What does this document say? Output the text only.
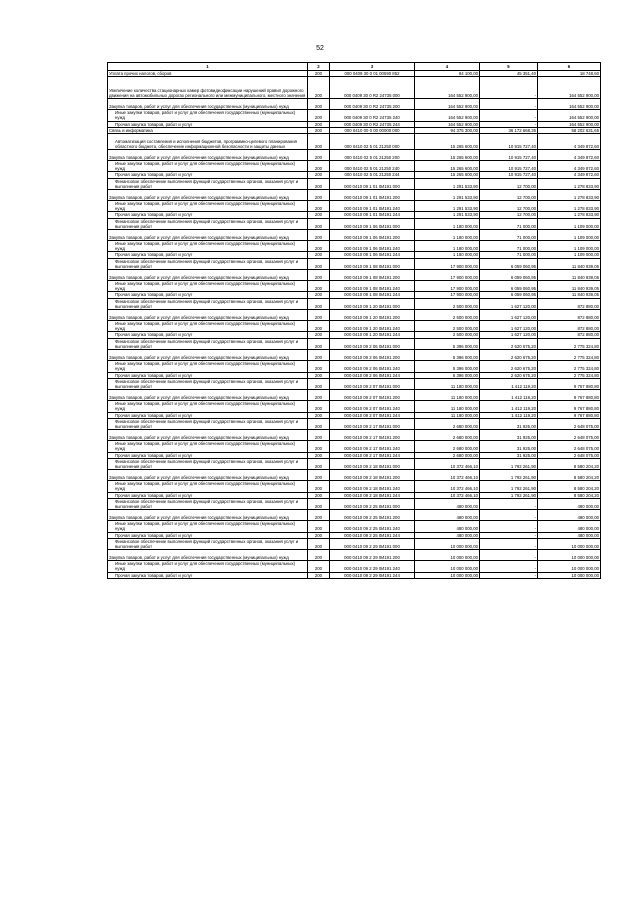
52
1	2	3	4	5	6
Уплата прочих налогов, сборов	200	000 0409 30 0 01 00590 852	84 100,00	45 351,40	18 748,60
Увеличение количества стационарных камер фотовидеофиксации нарушений правил дорожного движения на автомобильных дорогах регионального или межмуниципального, местного значения	200	000 0409 30 0 R2 24735 000	164 552 900,00	-	164 552 900,00
Закупка товаров, работ и услуг для обеспечения государственных (муниципальных) нужд	200	000 0409 30 0 R2 24735 200	164 552 900,00	-	164 552 900,00
Иные закупки товаров, работ и услуг для обеспечения государственных (муниципальных) нужд	200	000 0409 30 0 R2 24735 240	164 552 900,00	-	164 552 900,00
Прочая закупка товаров, работ и услуг	200	000 0409 30 0 R2 24735 244	164 552 900,00	-	164 552 900,00
Связь и информатика	200	000 0410 00 0 00 00000 000	94 375 300,00	36 172 668,35	58 202 631,65
Автоматизация составления и исполнения бюджетов, программно-целевого планирования областного бюджета, обеспечение информационной безопасности и защиты данных	200	000 0410 02 5 01 21250 000	15 265 600,00	10 915 727,40	4 349 872,60
Закупка товаров, работ и услуг для обеспечения государственных (муниципальных) нужд	200	000 0410 02 5 01 21250 200	15 265 600,00	10 915 727,40	4 349 872,60
Иные закупки товаров, работ и услуг для обеспечения государственных (муниципальных) нужд	200	000 0410 02 5 01 21250 240	15 265 600,00	10 915 727,40	4 349 872,60
Прочая закупка товаров, работ и услуг	200	000 0410 02 5 01 21250 244	15 265 600,00	10 915 727,40	4 349 872,60
Финансовое обеспечение выполнения функций государственных органов, оказания услуг и выполнения работ	200	000 0410 09 1 01 0И191 000	1 291 533,90	12 700,00	1 278 833,90
Закупка товаров, работ и услуг для обеспечения государственных (муниципальных) нужд	200	000 0410 09 1 01 0И191 200	1 291 533,90	12 700,00	1 278 833,90
Иные закупки товаров, работ и услуг для обеспечения государственных (муниципальных) нужд	200	000 0410 09 1 01 0И191 240	1 291 533,90	12 700,00	1 278 833,90
Прочая закупка товаров, работ и услуг	200	000 0410 09 1 01 0И191 244	1 291 533,90	12 700,00	1 278 833,90
Финансовое обеспечение выполнения функций государственных органов, оказания услуг и выполнения работ	200	000 0410 09 1 06 0И191 000	1 180 000,00	71 000,00	1 109 000,00
Закупка товаров, работ и услуг для обеспечения государственных (муниципальных) нужд	200	000 0410 09 1 06 0И191 200	1 180 000,00	71 000,00	1 109 000,00
Иные закупки товаров, работ и услуг для обеспечения государственных (муниципальных) нужд	200	000 0410 09 1 06 0И191 240	1 180 000,00	71 000,00	1 109 000,00
Прочая закупка товаров, работ и услуг	200	000 0410 09 1 06 0И191 244	1 180 000,00	71 000,00	1 109 000,00
Финансовое обеспечение выполнения функций государственных органов, оказания услуг и выполнения работ	200	000 0410 09 1 08 0И191 000	17 900 000,00	6 059 060,95	11 840 939,05
Закупка товаров, работ и услуг для обеспечения государственных (муниципальных) нужд	200	000 0410 09 1 08 0И191 200	17 900 000,00	6 059 060,95	11 840 939,05
Иные закупки товаров, работ и услуг для обеспечения государственных (муниципальных) нужд	200	000 0410 09 1 08 0И191 240	17 900 000,00	6 059 060,95	11 840 939,05
Прочая закупка товаров, работ и услуг	200	000 0410 09 1 08 0И191 244	17 900 000,00	6 059 060,95	11 840 939,05
Финансовое обеспечение выполнения функций государственных органов, оказания услуг и выполнения работ	200	000 0410 09 1 20 0И191 000	2 500 000,00	1 627 120,00	872 880,00
Закупка товаров, работ и услуг для обеспечения государственных (муниципальных) нужд	200	000 0410 09 1 20 0И191 200	2 500 000,00	1 627 120,00	872 880,00
Иные закупки товаров, работ и услуг для обеспечения государственных (муниципальных) нужд	200	000 0410 09 1 20 0И191 240	2 500 000,00	1 627 120,00	872 880,00
Прочая закупка товаров, работ и услуг	200	000 0410 09 1 20 0И191 244	2 500 000,00	1 627 120,00	872 880,00
Финансовое обеспечение выполнения функций государственных органов, оказания услуг и выполнения работ	200	000 0410 09 2 06 0И191 000	5 396 000,00	2 620 675,20	2 775 324,80
Закупка товаров, работ и услуг для обеспечения государственных (муниципальных) нужд	200	000 0410 09 2 06 0И191 200	5 396 000,00	2 620 675,20	2 775 324,80
Иные закупки товаров, работ и услуг для обеспечения государственных (муниципальных) нужд	200	000 0410 09 2 06 0И191 240	5 396 000,00	2 620 675,20	2 775 324,80
Прочая закупка товаров, работ и услуг	200	000 0410 09 2 06 0И191 244	5 396 000,00	2 620 675,20	2 775 324,80
Финансовое обеспечение выполнения функций государственных органов, оказания услуг и выполнения работ	200	000 0410 09 2 07 0И191 000	11 180 000,00	1 412 119,20	9 767 880,80
Закупка товаров, работ и услуг для обеспечения государственных (муниципальных) нужд	200	000 0410 09 2 07 0И191 200	11 180 000,00	1 412 119,20	9 767 880,80
Иные закупки товаров, работ и услуг для обеспечения государственных (муниципальных) нужд	200	000 0410 09 2 07 0И191 240	11 180 000,00	1 412 119,20	9 767 880,80
Прочая закупка товаров, работ и услуг	200	000 0410 09 2 07 0И191 244	11 180 000,00	1 412 119,20	9 767 880,80
Финансовое обеспечение выполнения функций государственных органов, оказания услуг и выполнения работ	200	000 0410 09 2 17 0И191 000	2 680 000,00	31 925,00	2 648 075,00
Закупка товаров, работ и услуг для обеспечения государственных (муниципальных) нужд	200	000 0410 09 2 17 0И191 200	2 680 000,00	31 925,00	2 648 075,00
Иные закупки товаров, работ и услуг для обеспечения государственных (муниципальных) нужд	200	000 0410 09 2 17 0И191 240	2 680 000,00	31 925,00	2 648 075,00
Прочая закупка товаров, работ и услуг	200	000 0410 09 2 17 0И191 244	2 680 000,00	31 925,00	2 648 075,00
Финансовое обеспечение выполнения функций государственных органов, оказания услуг и выполнения работ	200	000 0410 09 2 18 0И191 000	10 372 466,10	1 792 261,90	8 580 204,20
Закупка товаров, работ и услуг для обеспечения государственных (муниципальных) нужд	200	000 0410 09 2 18 0И191 200	10 372 466,10	1 792 261,90	8 580 204,20
Иные закупки товаров, работ и услуг для обеспечения государственных (муниципальных) нужд	200	000 0410 09 2 18 0И191 240	10 372 466,10	1 792 261,90	8 580 204,20
Прочая закупка товаров, работ и услуг	200	000 0410 09 2 18 0И191 244	10 372 466,10	1 792 261,90	8 580 204,20
Финансовое обеспечение выполнения функций государственных органов, оказания услуг и выполнения работ	200	000 0410 09 2 25 0И191 000	480 000,00	-	480 000,00
Закупка товаров, работ и услуг для обеспечения государственных (муниципальных) нужд	200	000 0410 09 2 25 0И191 200	480 000,00	-	480 000,00
Иные закупки товаров, работ и услуг для обеспечения государственных (муниципальных) нужд	200	000 0410 09 2 25 0И191 240	480 000,00	-	480 000,00
Прочая закупка товаров, работ и услуг	200	000 0410 09 2 25 0И191 244	480 000,00	-	480 000,00
Финансовое обеспечение выполнения функций государственных органов, оказания услуг и выполнения работ	200	000 0410 09 2 29 0И191 000	10 000 000,00	-	10 000 000,00
Закупка товаров, работ и услуг для обеспечения государственных (муниципальных) нужд	200	000 0410 09 2 29 0И191 200	10 000 000,00	-	10 000 000,00
Иные закупки товаров, работ и услуг для обеспечения государственных (муниципальных) нужд	200	000 0410 09 2 29 0И191 240	10 000 000,00	-	10 000 000,00
Прочая закупка товаров, работ и услуг	200	000 0410 09 2 29 0И191 244	10 000 000,00	-	10 000 000,00
